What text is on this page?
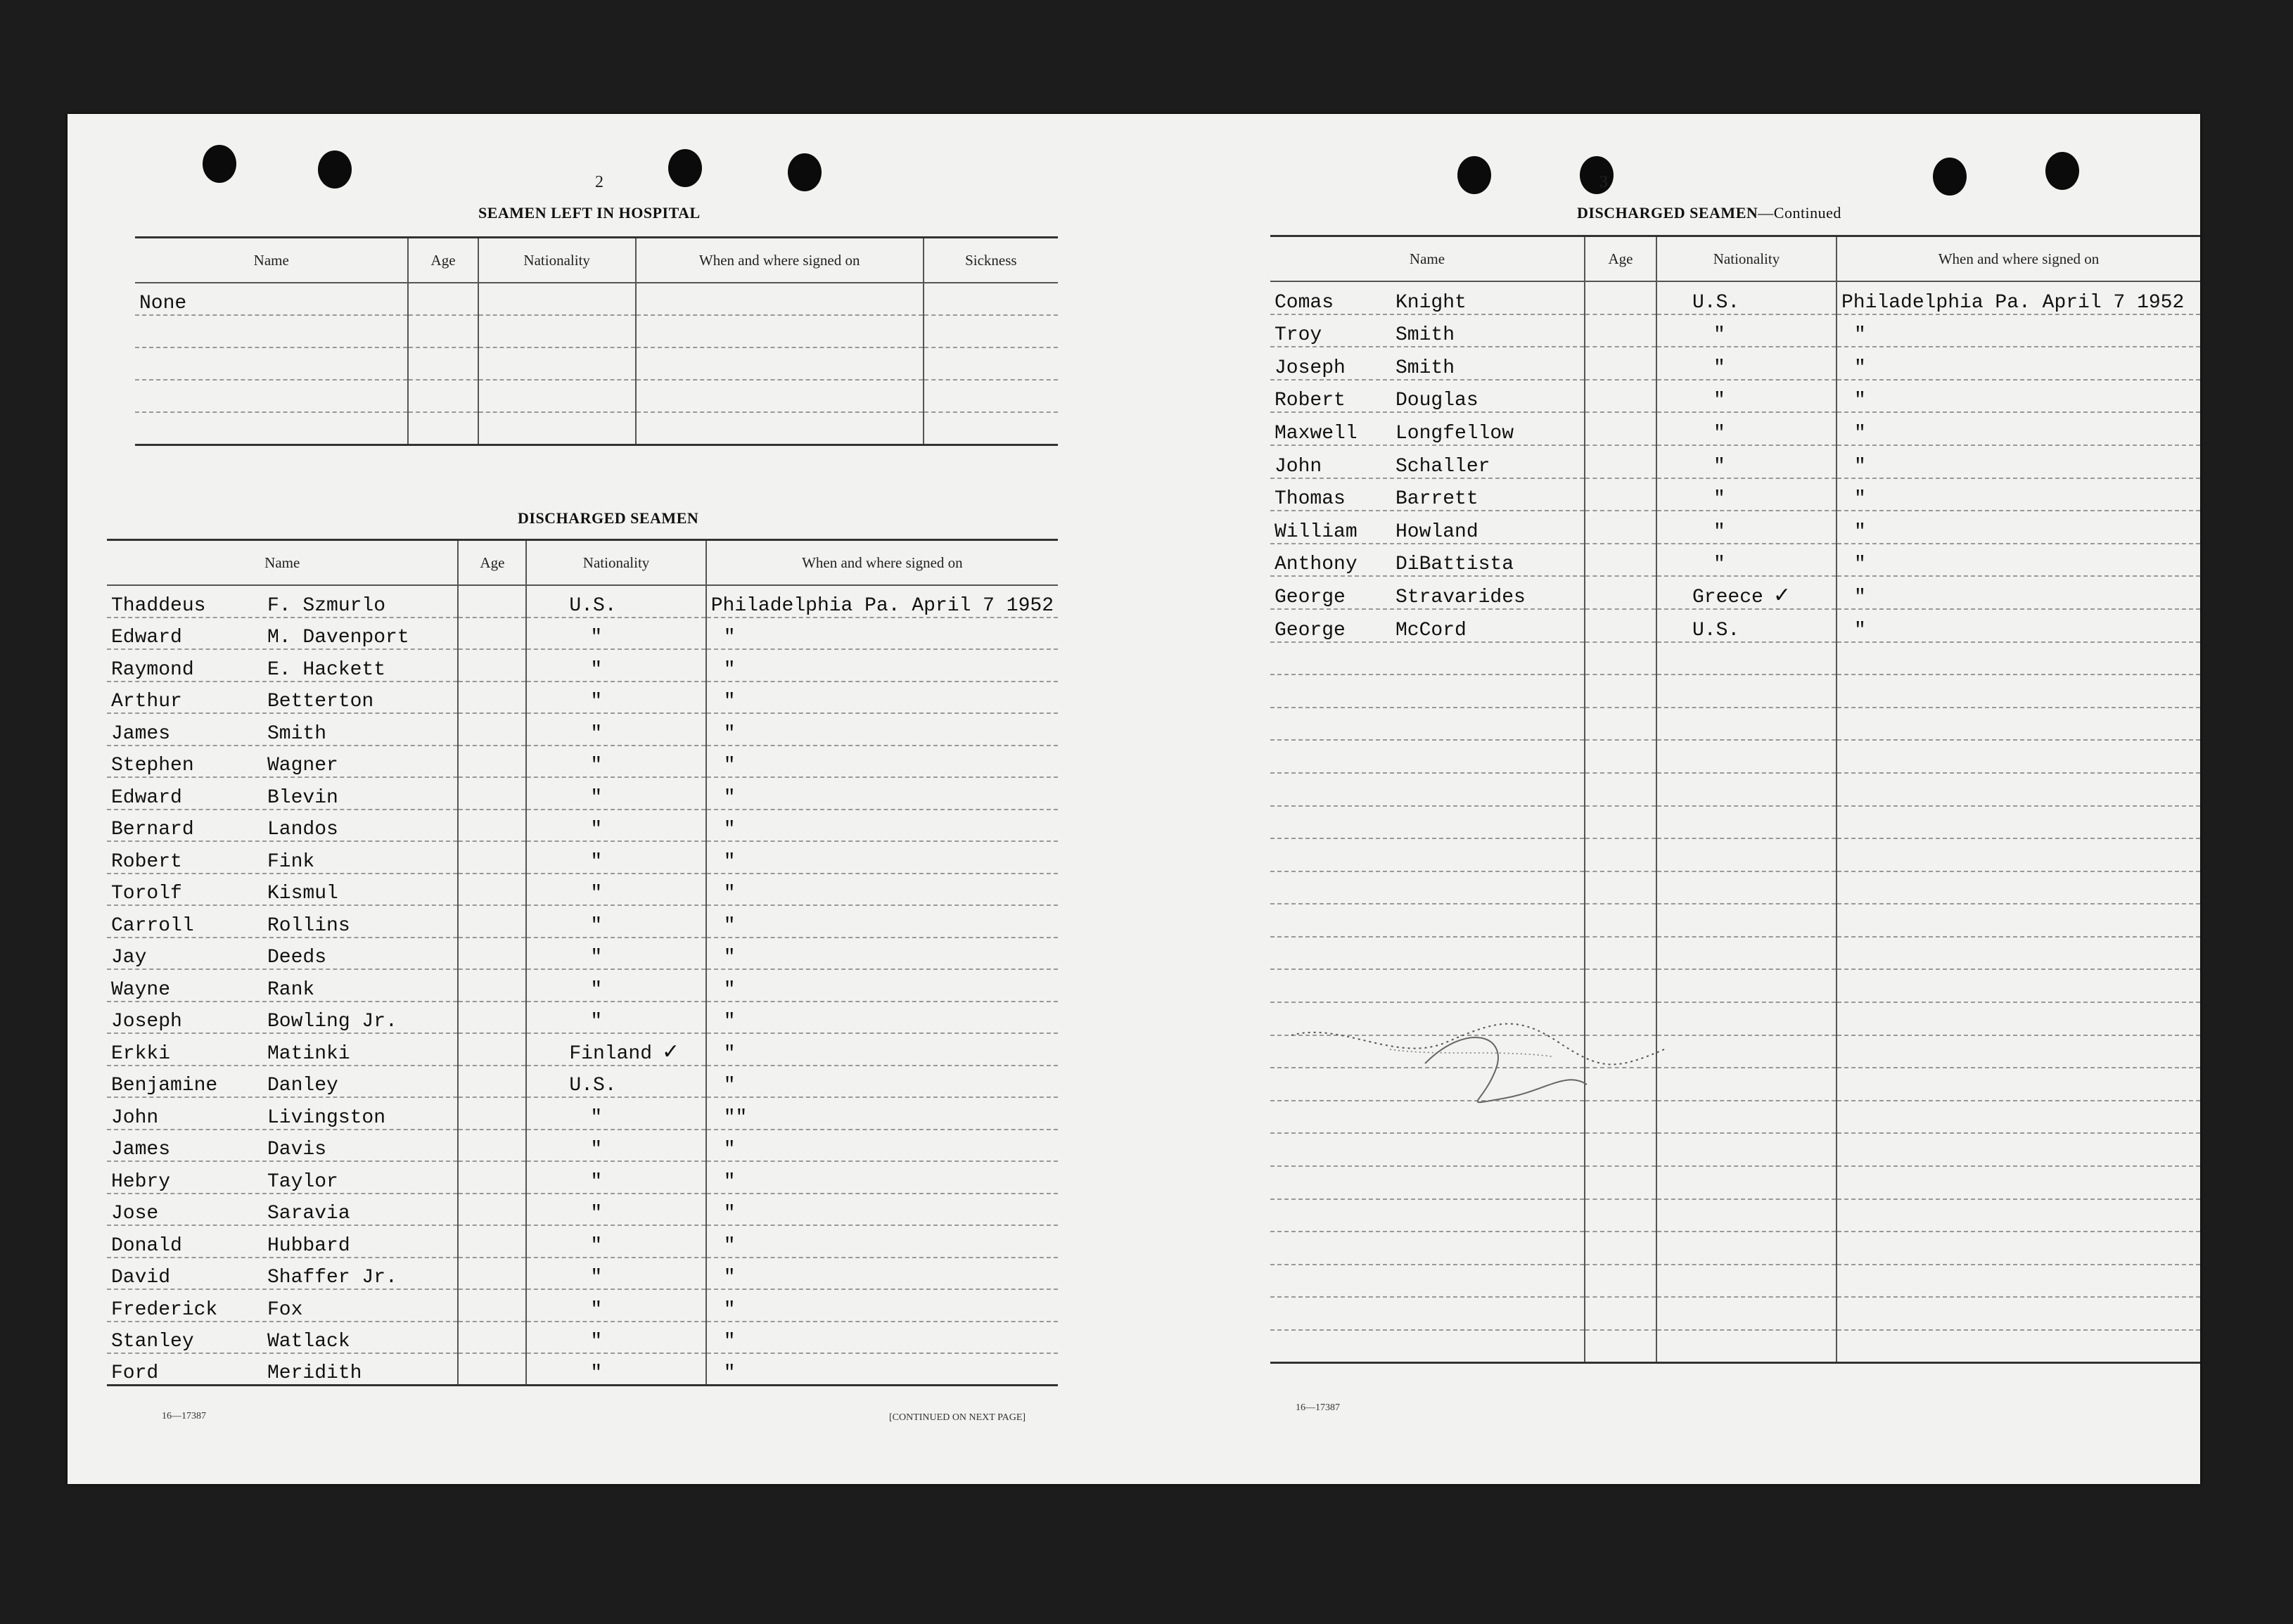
2
SEAMEN LEFT IN HOSPITAL
Name	Age	Nationality	When and where signed on	Sickness
None				

DISCHARGED SEAMEN
Name	Age	Nationality	When and where signed on
Thaddeus F. Szmurlo		U.S.	Philadelphia Pa. April 7 1952
Edward M. Davenport		"	"
Raymond E. Hackett		"	"
Arthur Betterton		"	"
James Smith		"	"
Stephen Wagner		"	"
Edward Blevin		"	"
Bernard Landos		"	"
Robert Fink		"	"
Torolf Kismul		"	"
Carroll Rollins		"	"
Jay Deeds		"	"
Wayne Rank		"	"
Joseph Bowling Jr.		"	"
Erkki Matinki		Finland ✓	"
Benjamine Danley		U.S.	"
John Livingston		"	""
James Davis		"	"
Hebry Taylor		"	"
Jose Saravia		"	"
Donald Hubbard		"	"
David Shaffer Jr.		"	"
Frederick Fox		"	"
Stanley Watlack		"	"
Ford Meridith		"	"
16—17387	[CONTINUED ON NEXT PAGE]
3
DISCHARGED SEAMEN—Continued
Name	Age	Nationality	When and where signed on
Comas Knight		U.S.	Philadelphia Pa. April 7 1952
Troy Smith		"	"
Joseph Smith		"	"
Robert Douglas		"	"
Maxwell Longfellow		"	"
John Schaller		"	"
Thomas Barrett		"	"
William Howland		"	"
Anthony DiBattista		"	"
George Stravarides		Greece ✓	"
George McCord		U.S.	"

16—17387
